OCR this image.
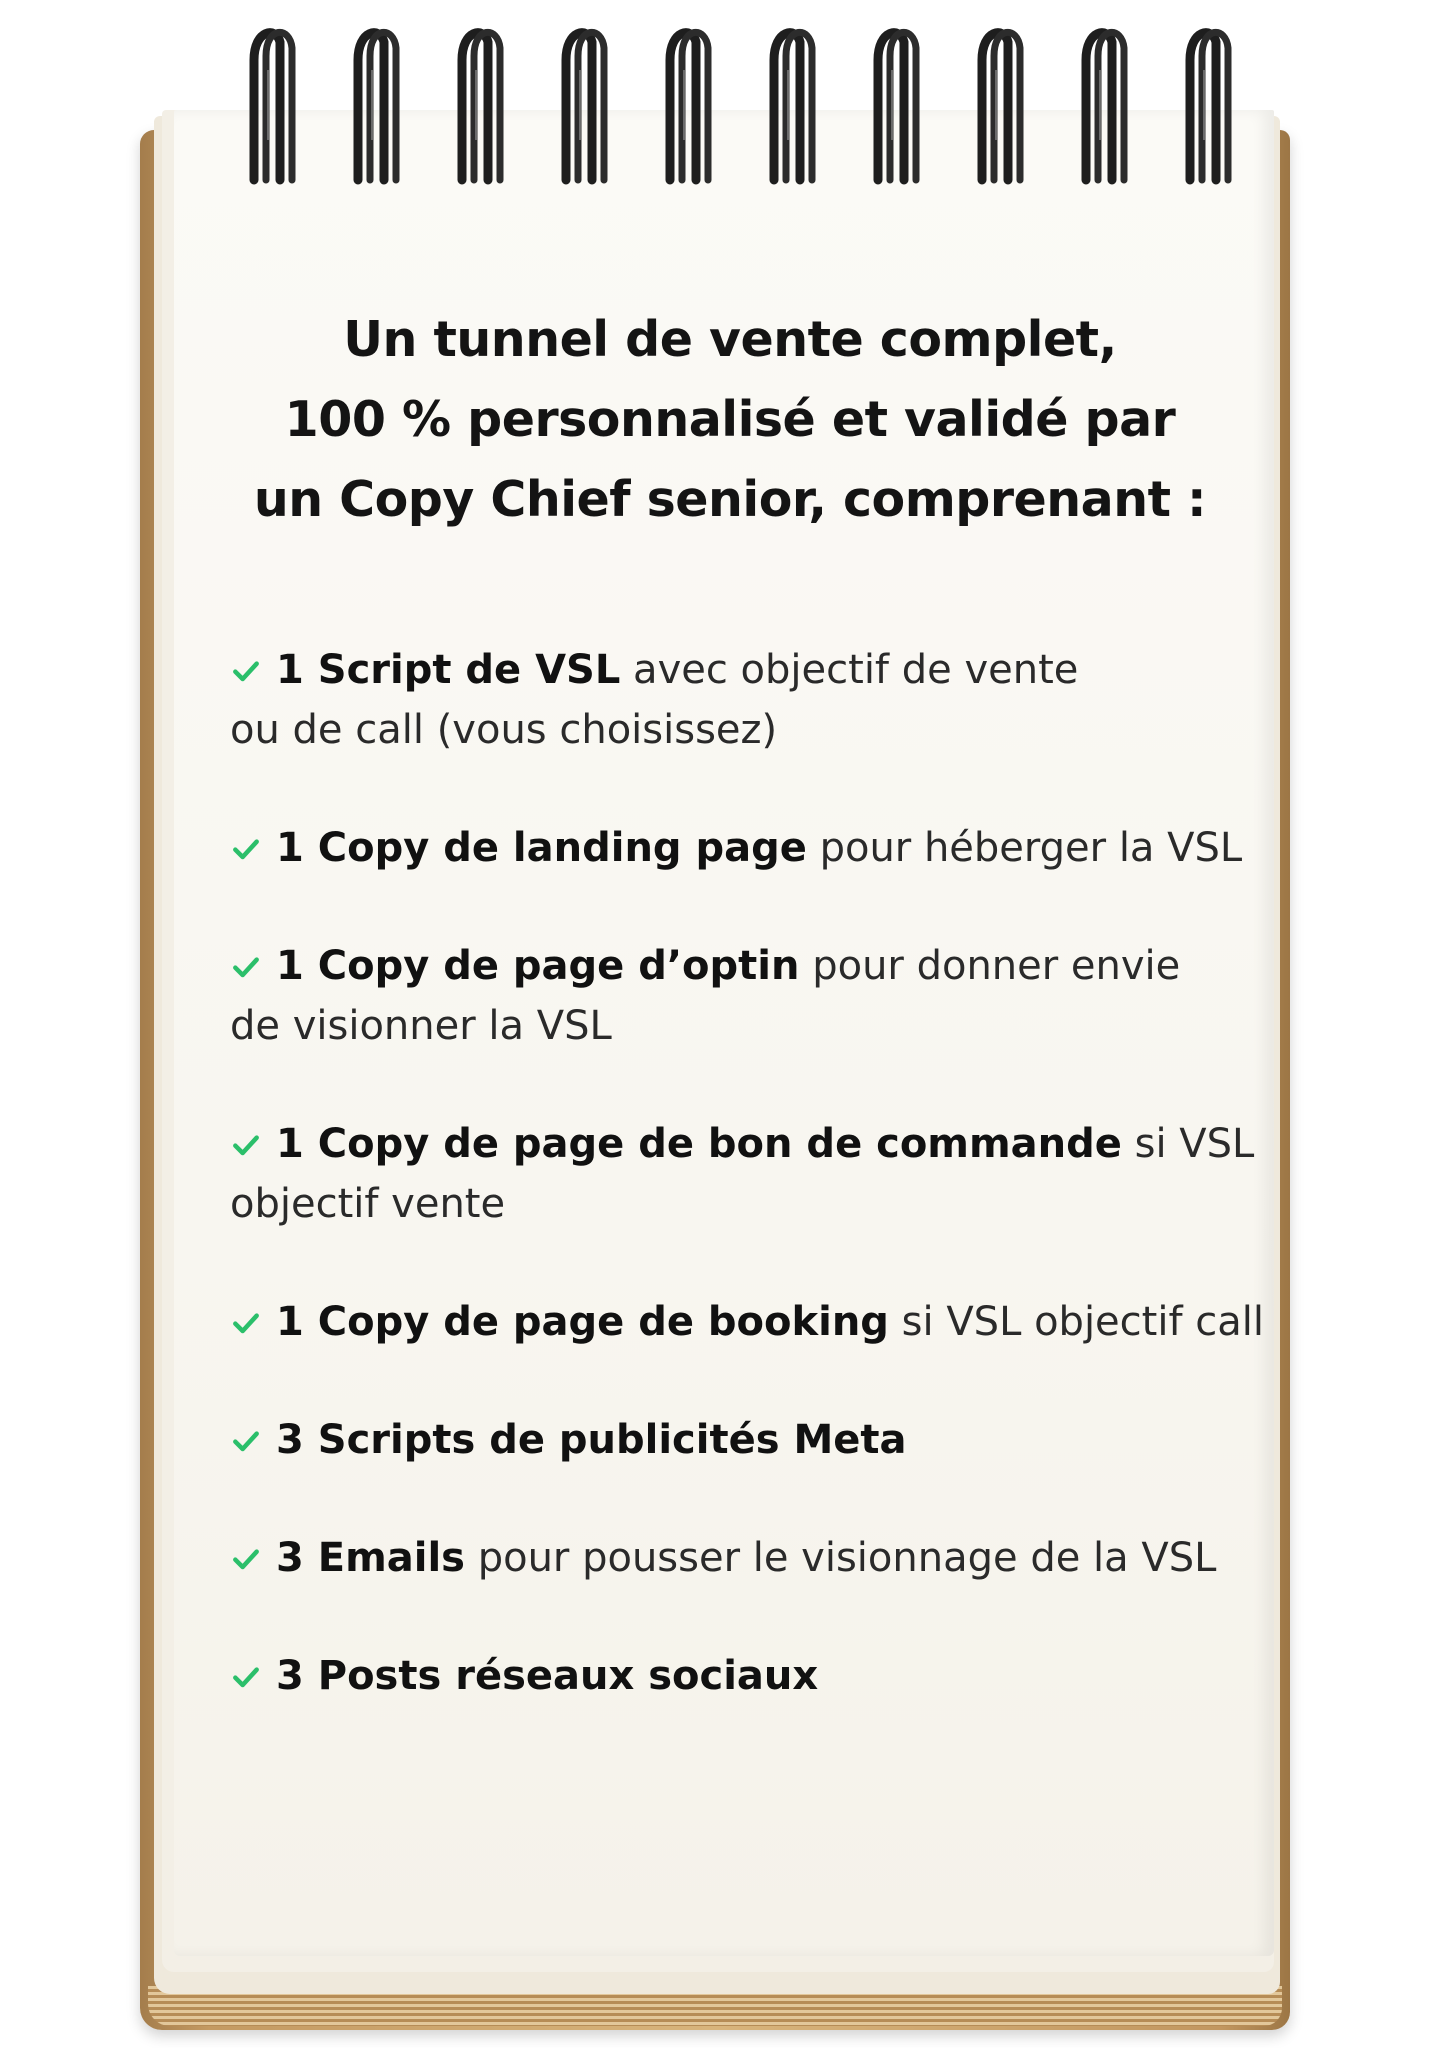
Un tunnel de vente complet,
100 % personnalisé et validé par
un Copy Chief senior, comprenant :
1 Script de VSL avec objectif de vente
ou de call (vous choisissez)
1 Copy de landing page pour héberger la VSL
1 Copy de page d’optin pour donner envie
de visionner la VSL
1 Copy de page de bon de commande si VSL
objectif vente
1 Copy de page de booking si VSL objectif call
3 Scripts de publicités Meta
3 Emails pour pousser le visionnage de la VSL
3 Posts réseaux sociaux
